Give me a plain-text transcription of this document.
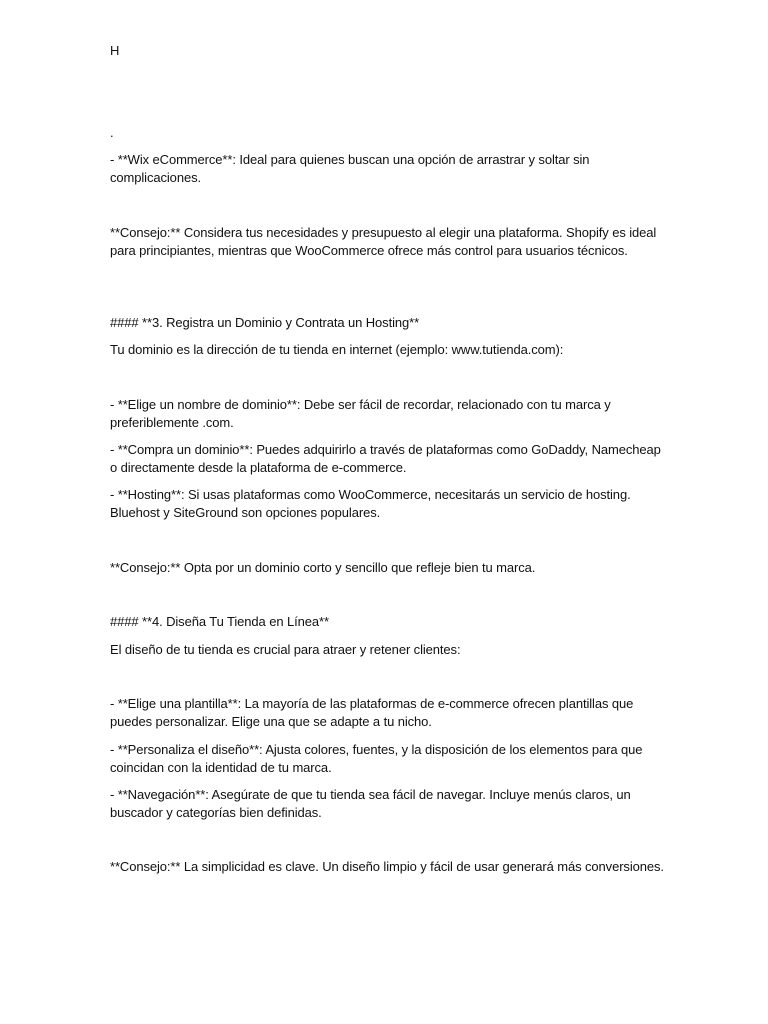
H

.

- **Wix eCommerce**: Ideal para quienes buscan una opción de arrastrar y soltar sin complicaciones.

**Consejo:** Considera tus necesidades y presupuesto al elegir una plataforma. Shopify es ideal para principiantes, mientras que WooCommerce ofrece más control para usuarios técnicos.

#### **3. Registra un Dominio y Contrata un Hosting**

Tu dominio es la dirección de tu tienda en internet (ejemplo: www.tutienda.com):

- **Elige un nombre de dominio**: Debe ser fácil de recordar, relacionado con tu marca y preferiblemente .com.

- **Compra un dominio**: Puedes adquirirlo a través de plataformas como GoDaddy, Namecheap o directamente desde la plataforma de e-commerce.

- **Hosting**: Si usas plataformas como WooCommerce, necesitarás un servicio de hosting. Bluehost y SiteGround son opciones populares.

**Consejo:** Opta por un dominio corto y sencillo que refleje bien tu marca.

#### **4. Diseña Tu Tienda en Línea**

El diseño de tu tienda es crucial para atraer y retener clientes:

- **Elige una plantilla**: La mayoría de las plataformas de e-commerce ofrecen plantillas que puedes personalizar. Elige una que se adapte a tu nicho.

- **Personaliza el diseño**: Ajusta colores, fuentes, y la disposición de los elementos para que coincidan con la identidad de tu marca.

- **Navegación**: Asegúrate de que tu tienda sea fácil de navegar. Incluye menús claros, un buscador y categorías bien definidas.

**Consejo:** La simplicidad es clave. Un diseño limpio y fácil de usar generará más conversiones.
